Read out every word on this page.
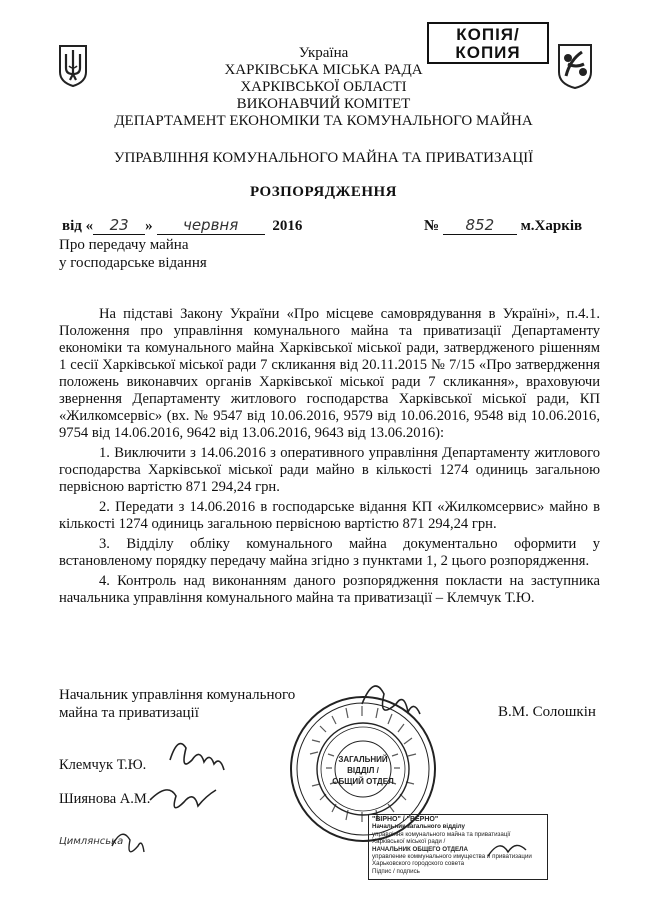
КОПІЯ/
КОПИЯ
Україна
ХАРКІВСЬКА МІСЬКА РАДА
ХАРКІВСЬКОЇ ОБЛАСТІ
ВИКОНАВЧИЙ КОМІТЕТ
ДЕПАРТАМЕНТ ЕКОНОМІКИ ТА КОМУНАЛЬНОГО МАЙНА
УПРАВЛІННЯ КОМУНАЛЬНОГО МАЙНА ТА ПРИВАТИЗАЦІЇ
РОЗПОРЯДЖЕННЯ
від « 23 » червня 2016	№ 852 м.Харків
Про передачу майна
у господарське відання

На підставі Закону України «Про місцеве самоврядування в Україні», п.4.1. Положення про управління комунального майна та приватизації Департаменту економіки та комунального майна Харківської міської ради, затвердженого рішенням 1 сесії Харківської міської ради 7 скликання від 20.11.2015 № 7/15 «Про затвердження положень виконавчих органів Харківської міської ради 7 скликання», враховуючи звернення Департаменту житлового господарства Харківської міської ради, КП «Жилкомсервіс» (вх. № 9547 від 10.06.2016, 9579 від 10.06.2016, 9548 від 10.06.2016, 9754 від 14.06.2016, 9642 від 13.06.2016, 9643 від 13.06.2016):

1. Виключити з 14.06.2016 з оперативного управління Департаменту житлового господарства Харківської міської ради майно в кількості 1274 одиниць загальною первісною вартістю 871 294,24 грн.

2. Передати з 14.06.2016 в господарське відання КП «Жилкомсервис» майно в кількості 1274 одиниць загальною первісною вартістю 871 294,24 грн.

3. Відділу обліку комунального майна документально оформити у встановленому порядку передачу майна згідно з пунктами 1, 2 цього розпорядження.

4. Контроль над виконанням даного розпорядження покласти на заступника начальника управління комунального майна та приватизації – Клемчук Т.Ю.

Начальник управління комунального
майна та приватизації	В.М. Солошкін
Клемчук Т.Ю.
Шиянова А.М.
Цимлянська
ЗАГАЛЬНИЙ
ВІДДІЛ /
ОБЩИЙ ОТДЕЛ
"ВІРНО" / "ВЕРНО"
Начальник загального відділу
управління комунального майна та приватизації
Харківської міської ради /
НАЧАЛЬНИК ОБЩЕГО ОТДЕЛА
управление коммунального имущества и приватизации
Харьковского городского совета
Підпис / подпись
